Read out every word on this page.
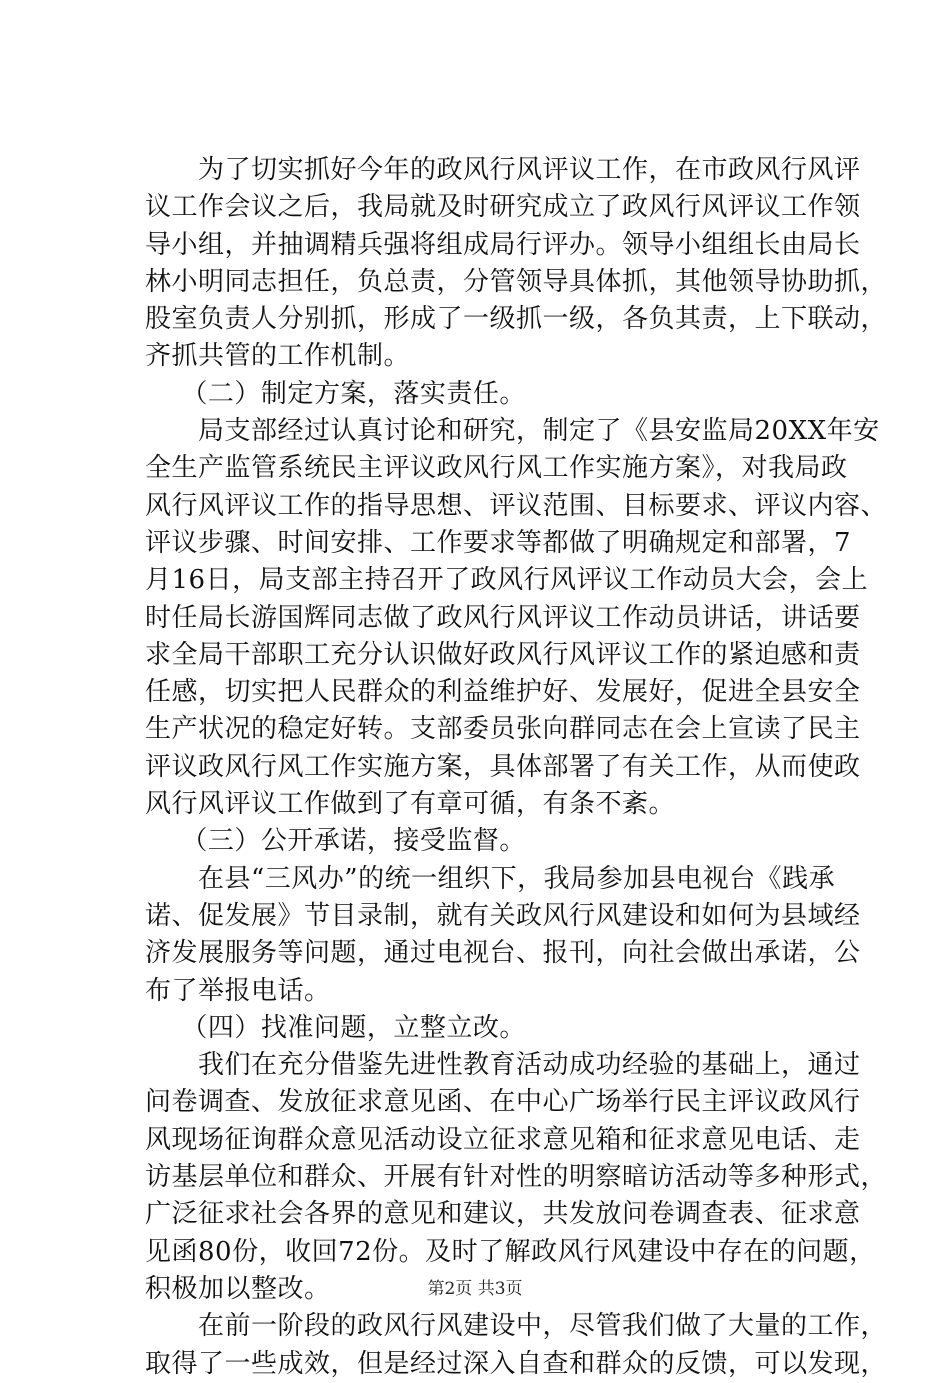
　　为了切实抓好今年的政风行风评议工作，在市政风行风评
议工作会议之后，我局就及时研究成立了政风行风评议工作领
导小组，并抽调精兵强将组成局行评办。领导小组组长由局长
林小明同志担任，负总责，分管领导具体抓，其他领导协助抓，
股室负责人分别抓，形成了一级抓一级，各负其责，上下联动，
齐抓共管的工作机制。
（二）制定方案，落实责任。
　　局支部经过认真讨论和研究，制定了《县安监局20XX年安
全生产监管系统民主评议政风行风工作实施方案》，对我局政
风行风评议工作的指导思想、评议范围、目标要求、评议内容、
评议步骤、时间安排、工作要求等都做了明确规定和部署，7
月16日，局支部主持召开了政风行风评议工作动员大会，会上
时任局长游国辉同志做了政风行风评议工作动员讲话，讲话要
求全局干部职工充分认识做好政风行风评议工作的紧迫感和责
任感，切实把人民群众的利益维护好、发展好，促进全县安全
生产状况的稳定好转。支部委员张向群同志在会上宣读了民主
评议政风行风工作实施方案，具体部署了有关工作，从而使政
风行风评议工作做到了有章可循，有条不紊。
（三）公开承诺，接受监督。
　　在县“三风办”的统一组织下，我局参加县电视台《践承
诺、促发展》节目录制，就有关政风行风建设和如何为县域经
济发展服务等问题，通过电视台、报刊，向社会做出承诺，公
布了举报电话。
（四）找准问题，立整立改。
　　我们在充分借鉴先进性教育活动成功经验的基础上，通过
问卷调查、发放征求意见函、在中心广场举行民主评议政风行
风现场征询群众意见活动设立征求意见箱和征求意见电话、走
访基层单位和群众、开展有针对性的明察暗访活动等多种形式，
广泛征求社会各界的意见和建议，共发放问卷调查表、征求意
见函80份，收回72份。及时了解政风行风建设中存在的问题，
积极加以整改。
　　在前一阶段的政风行风建设中，尽管我们做了大量的工作，
取得了一些成效，但是经过深入自查和群众的反馈，可以发现，
第2页 共3页
